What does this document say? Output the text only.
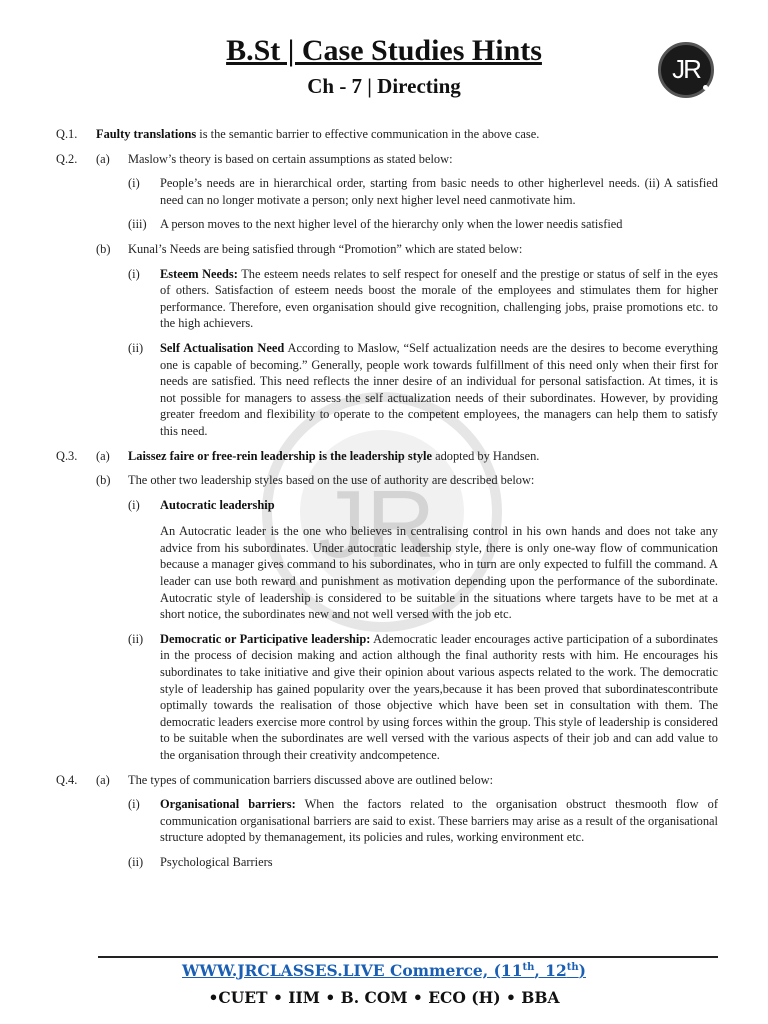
JR
B.St | Case Studies Hints
Ch - 7 | Directing
JR
Q.1.	Faulty translations is the semantic barrier to effective communication in the above case.
Q.2.	(a)	Maslow’s theory is based on certain assumptions as stated below:
(i)	People’s needs are in hierarchical order, starting from basic needs to other higherlevel needs. (ii) A satisfied need can no longer motivate a person; only next higher level need canmotivate him.
(iii)	A person moves to the next higher level of the hierarchy only when the lower needis satisfied
(b)	Kunal’s Needs are being satisfied through “Promotion” which are stated below:
(i)	Esteem Needs: The esteem needs relates to self respect for oneself and the prestige or status of self in the eyes of others. Satisfaction of esteem needs boost the morale of the employees and stimulates them for higher performance. Therefore, even organisation should give recognition, challenging jobs, praise promotions etc. to the high achievers.
(ii)	Self Actualisation Need According to Maslow, “Self actualization needs are the desires to become everything one is capable of becoming.” Generally, people work towards fulfillment of this need only when their first for needs are satisfied. This need reflects the inner desire of an individual for personal satisfaction. At times, it is not possible for managers to assess the self actualization needs of their subordinates. However, by providing greater freedom and flexibility to operate to the competent employees, the managers can help them to satisfy this need.
Q.3.	(a)	Laissez faire or free-rein leadership is the leadership style adopted by Handsen.
(b)	The other two leadership styles based on the use of authority are described below:
(i)	Autocratic leadership
An Autocratic leader is the one who believes in centralising control in his own hands and does not take any advice from his subordinates. Under autocratic leadership style, there is only one-way flow of communication because a manager gives command to his subordinates, who in turn are only expected to fulfill the command. A leader can use both reward and punishment as motivation depending upon the performance of the subordinate. Autocratic style of leadership is considered to be suitable in the situations where targets have to be met at a short notice, the subordinates new and not well versed with the job etc.
(ii)	Democratic or Participative leadership: Ademocratic leader encourages active participation of a subordinates in the process of decision making and action although the final authority rests with him. He encourages his subordinates to take initiative and give their opinion about various aspects related to the work. The democratic style of leadership has gained popularity over the years,because it has been proved that subordinatescontribute optimally towards the realisation of those objective which have been set in consultation with them. The democratic leaders exercise more control by using forces within the group. This style of leadership is considered to be suitable when the subordinates are well versed with the various aspects of their job and can add value to the organisation through their creativity andcompetence.
Q.4.	(a)	The types of communication barriers discussed above are outlined below:
(i)	Organisational barriers: When the factors related to the organisation obstruct thesmooth flow of communication organisational barriers are said to exist. These barriers may arise as a result of the organisational structure adopted by themanagement, its policies and rules, working environment etc.
(ii)	Psychological Barriers
WWW.JRCLASSES.LIVE Commerce, (11th, 12th)
•CUET • IIM • B. COM • ECO (H) • BBA
